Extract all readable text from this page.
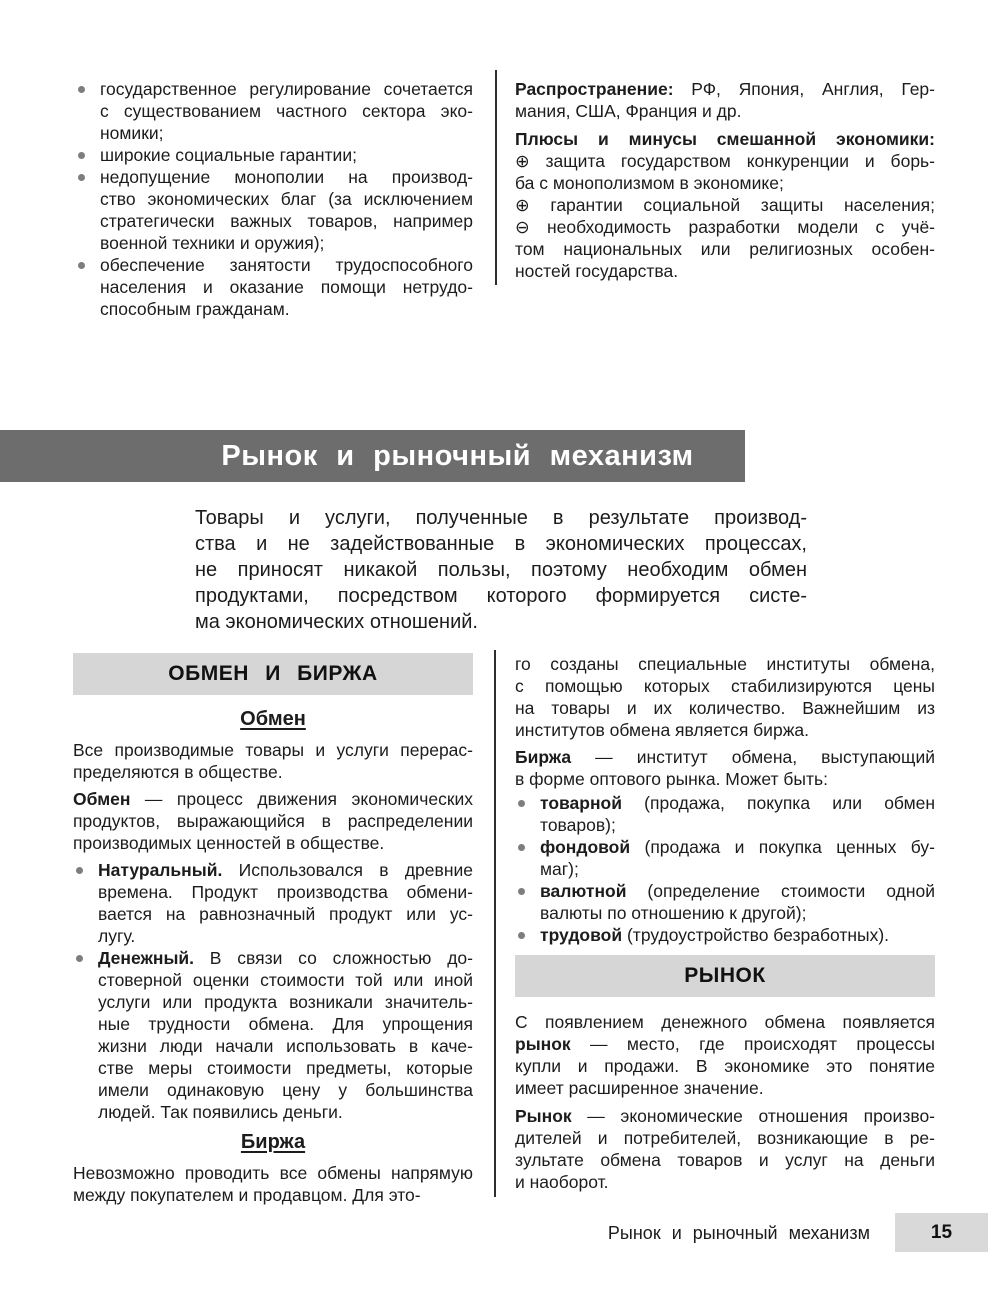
государственное регулирование сочетается
с существованием частного сектора эко-
номики;
широкие социальные гарантии;
недопущение монополии на производ-
ство экономических благ (за исключением
стратегически важных товаров, например
военной техники и оружия);
обеспечение занятости трудоспособного
населения и оказание помощи нетрудо-
способным гражданам.

Распространение: РФ, Япония, Англия, Гер-
мания, США, Франция и др.

Плюсы и минусы смешанной экономики:

⊕ защита государством конкуренции и борь-
ба с монополизмом в экономике;

⊕ гарантии социальной защиты населения;

⊖ необходимость разработки модели с учё-
том национальных или религиозных особен-
ностей государства.

Рынок и рыночный механизм
Товары и услуги, полученные в результате производ-
ства и не задействованные в экономических процессах,
не приносят никакой пользы, поэтому необходим обмен
продуктами, посредством которого формируется систе-
ма экономических отношений.
ОБМЕН И БИРЖА
Обмен

Все производимые товары и услуги перерас-
пределяются в обществе.

Обмен — процесс движения экономических
продуктов, выражающийся в распределении
производимых ценностей в обществе.

Натуральный. Использовался в древние
времена. Продукт производства обмени-
вается на равнозначный продукт или ус-
лугу.
Денежный. В связи со сложностью до-
стоверной оценки стоимости той или иной
услуги или продукта возникали значитель-
ные трудности обмена. Для упрощения
жизни люди начали использовать в каче-
стве меры стоимости предметы, которые
имели одинаковую цену у большинства
людей. Так появились деньги.
Биржа

Невозможно проводить все обмены напрямую
между покупателем и продавцом. Для это-

го созданы специальные институты обмена,
с помощью которых стабилизируются цены
на товары и их количество. Важнейшим из
институтов обмена является биржа.

Биржа — институт обмена, выступающий
в форме оптового рынка. Может быть:

товарной (продажа, покупка или обмен
товаров);
фондовой (продажа и покупка ценных бу-
маг);
валютной (определение стоимости одной
валюты по отношению к другой);
трудовой (трудоустройство безработных).
РЫНОК

С появлением денежного обмена появляется
рынок — место, где происходят процессы
купли и продажи. В экономике это понятие
имеет расширенное значение.

Рынок — экономические отношения произво-
дителей и потребителей, возникающие в ре-
зультате обмена товаров и услуг на деньги
и наоборот.

Рынок и рыночный механизм	15
